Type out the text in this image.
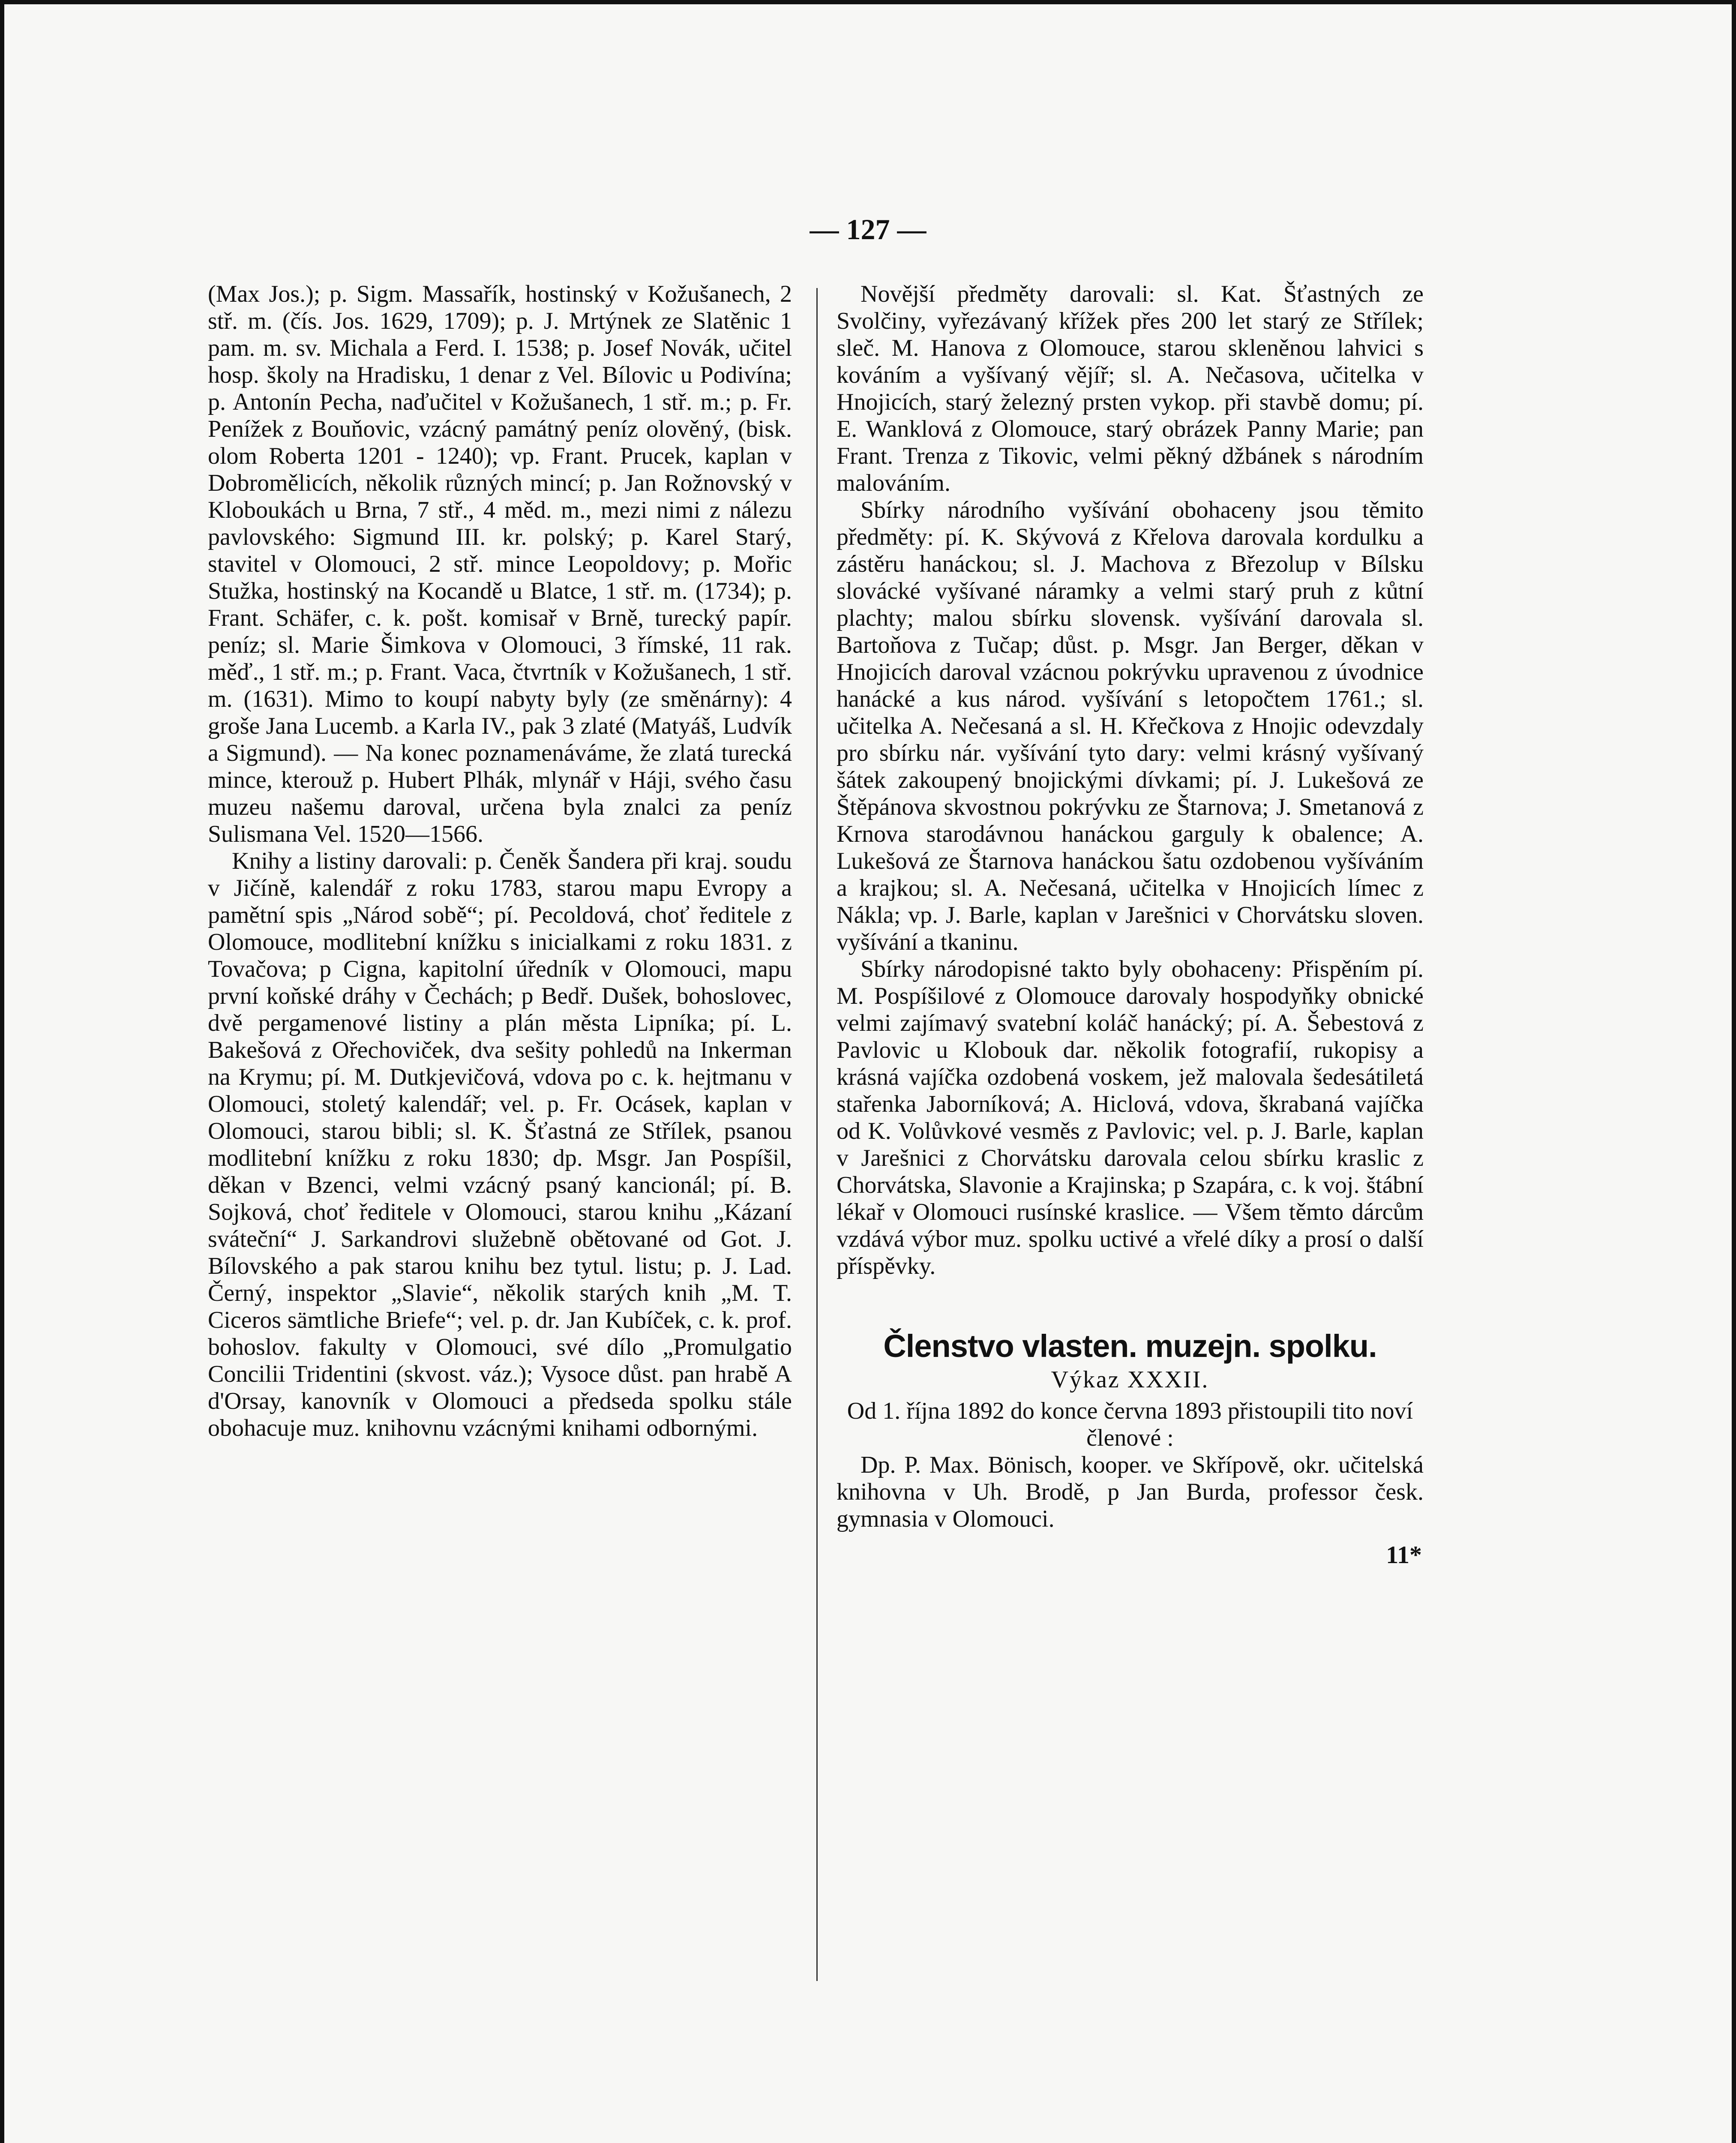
— 127 —

(Max Jos.); p. Sigm. Massařík, hostinský v Kožušanech, 2 stř. m. (čís. Jos. 1629, 1709); p. J. Mrtýnek ze Slatěnic 1 pam. m. sv. Michala a Ferd. I. 1538; p. Josef Novák, učitel hosp. školy na Hradisku, 1 denar z Vel. Bílovic u Podivína; p. Antonín Pecha, naďučitel v Kožušanech, 1 stř. m.; p. Fr. Penížek z Bouňovic, vzácný památný peníz olověný, (bisk. olom Roberta 1201 - 1240); vp. Frant. Prucek, kaplan v Dobromělicích, několik různých mincí; p. Jan Rožnovský v Kloboukách u Brna, 7 stř., 4 měd. m., mezi nimi z nálezu pavlovského: Sigmund III. kr. polský; p. Karel Starý, stavitel v Olomouci, 2 stř. mince Leopoldovy; p. Mořic Stužka, hostinský na Kocandě u Blatce, 1 stř. m. (1734); p. Frant. Schäfer, c. k. pošt. komisař v Brně, turecký papír. peníz; sl. Marie Šimkova v Olomouci, 3 římské, 11 rak. měď., 1 stř. m.; p. Frant. Vaca, čtvrtník v Kožušanech, 1 stř. m. (1631). Mimo to koupí nabyty byly (ze směnárny): 4 groše Jana Lucemb. a Karla IV., pak 3 zlaté (Matyáš, Ludvík a Sigmund). — Na konec poznamenáváme, že zlatá turecká mince, kterouž p. Hubert Plhák, mlynář v Háji, svého času muzeu našemu daroval, určena byla znalci za peníz Sulismana Vel. 1520—1566.

Knihy a listiny darovali: p. Čeněk Šandera při kraj. soudu v Jičíně, kalendář z roku 1783, starou mapu Evropy a pamětní spis „Národ sobě“; pí. Pecoldová, choť ředitele z Olomouce, modlitební knížku s inicialkami z roku 1831. z Tovačova; p Cigna, kapitolní úředník v Olomouci, mapu první koňské dráhy v Čechách; p Bedř. Dušek, bohoslovec, dvě pergamenové listiny a plán města Lipníka; pí. L. Bakešová z Ořechoviček, dva sešity pohledů na Inkerman na Krymu; pí. M. Dutkjevičová, vdova po c. k. hejtmanu v Olomouci, stoletý kalendář; vel. p. Fr. Ocásek, kaplan v Olomouci, starou bibli; sl. K. Šťastná ze Střílek, psanou modlitební knížku z roku 1830; dp. Msgr. Jan Pospíšil, děkan v Bzenci, velmi vzácný psaný kancionál; pí. B. Sojková, choť ředitele v Olomouci, starou knihu „Kázaní sváteční“ J. Sarkandrovi služebně obětované od Got. J. Bílovského a pak starou knihu bez tytul. listu; p. J. Lad. Černý, inspektor „Slavie“, několik starých knih „M. T. Ciceros sämtliche Briefe“; vel. p. dr. Jan Kubíček, c. k. prof. bohoslov. fakulty v Olomouci, své dílo „Promulgatio Concilii Tridentini (skvost. váz.); Vysoce důst. pan hrabě A d'Orsay, kanovník v Olomouci a předseda spolku stále obohacuje muz. knihovnu vzácnými knihami odbornými.

Novější předměty darovali: sl. Kat. Šťastných ze Svolčiny, vyřezávaný křížek přes 200 let starý ze Střílek; sleč. M. Hanova z Olomouce, starou skleněnou lahvici s kováním a vyšívaný vějíř; sl. A. Nečasova, učitelka v Hnojicích, starý železný prsten vykop. při stavbě domu; pí. E. Wanklová z Olomouce, starý obrázek Panny Marie; pan Frant. Trenza z Tikovic, velmi pěkný džbánek s národním malováním.

Sbírky národního vyšívání obohaceny jsou těmito předměty: pí. K. Skývová z Křelova darovala kordulku a zástěru hanáckou; sl. J. Machova z Březolup v Bílsku slovácké vyšívané náramky a velmi starý pruh z kůtní plachty; malou sbírku slovensk. vyšívání darovala sl. Bartoňova z Tučap; důst. p. Msgr. Jan Berger, děkan v Hnojicích daroval vzácnou pokrývku upravenou z úvodnice hanácké a kus národ. vyšívání s letopočtem 1761.; sl. učitelka A. Nečesaná a sl. H. Křečkova z Hnojic odevzdaly pro sbírku nár. vyšívání tyto dary: velmi krásný vyšívaný šátek zakoupený bnojickými dívkami; pí. J. Lukešová ze Štěpánova skvostnou pokrývku ze Štarnova; J. Smetanová z Krnova starodávnou hanáckou garguly k obalence; A. Lukešová ze Štarnova hanáckou šatu ozdobenou vyšíváním a krajkou; sl. A. Nečesaná, učitelka v Hnojicích límec z Nákla; vp. J. Barle, kaplan v Jarešnici v Chorvátsku sloven. vyšívání a tkaninu.

Sbírky národopisné takto byly obohaceny: Přispěním pí. M. Pospíšilové z Olomouce darovaly hospodyňky obnické velmi zajímavý svatební koláč hanácký; pí. A. Šebestová z Pavlovic u Klobouk dar. několik fotografií, rukopisy a krásná vajíčka ozdobená voskem, jež malovala šedesátiletá stařenka Jaborníková; A. Hiclová, vdova, škrabaná vajíčka od K. Volůvkové vesměs z Pavlovic; vel. p. J. Barle, kaplan v Jarešnici z Chorvátsku darovala celou sbírku kraslic z Chorvátska, Slavonie a Krajinska; p Szapára, c. k voj. štábní lékař v Olomouci rusínské kraslice. — Všem těmto dárcům vzdává výbor muz. spolku uctivé a vřelé díky a prosí o další příspěvky.

Členstvo vlasten. muzejn. spolku.
Výkaz XXXII.

Od 1. října 1892 do konce června 1893 přistoupili tito noví členové :

Dp. P. Max. Bönisch, kooper. ve Skřípově, okr. učitelská knihovna v Uh. Brodě, p Jan Burda, professor česk. gymnasia v Olomouci.

11*
